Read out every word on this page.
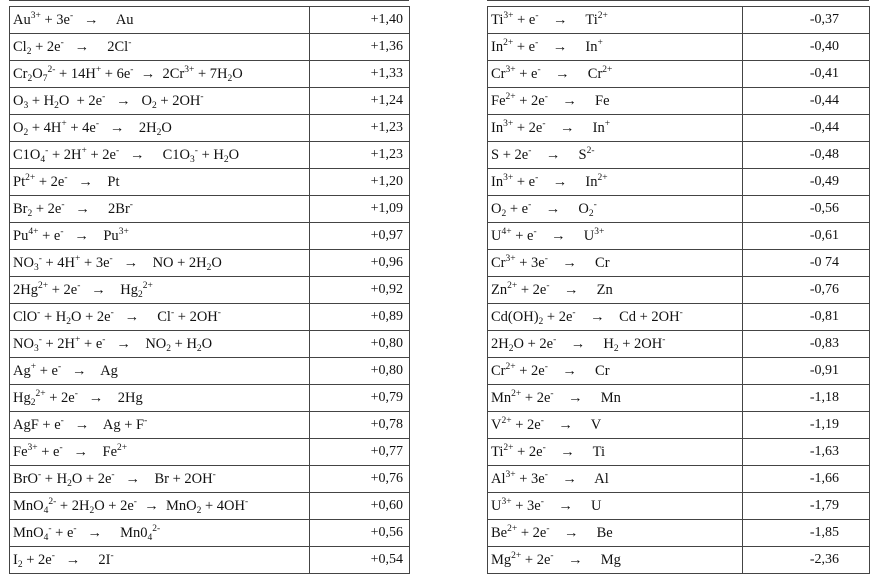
$Au^{3+} + 3e^-$   →     Au	+1,40
$Cl_2 + 2e^-$   →     2Cl-	+1,36
$Cr_2O_7^{2-} + 14H^+ + 6e^- \to 2Cr^{3+} + 7H_2O$	+1,33
$O_3 + H_2O + 2e^- \to O_2 + 2OH^-$	+1,24
$O_2 + 4H^+ + 4e^-$   →    $2H_2O$	+1,23
$C1O_4^- + 2H^+ + 2e^-$   →     $C1O_3^- + H_2O$	+1,23
$Pt^{2+} + 2e^-$   →    Pt	+1,20
$Br_2 + 2e^-$   →     2Br-	+1,09
$Pu^{4+} + e^-$   →    $Pu^{3+}$	+0,97
$NO_3^- + 4H^+ + 3e^-$   →    NO + $2H_2O$	+0,96
$2Hg^{2+} + 2e^-$   →    $Hg_2^{2+}$	+0,92
$ClO^- + H_2O + 2e^-$   →     Cl- + 2OH-	+0,89
$NO_3^- + 2H^+ + e^-$   →    $NO_2 + H_2O$	+0,80
Ag+ + e-   →    Ag	+0,80
$Hg_2^{2+} + 2e^-$   →    2Hg	+0,79
AgF + e-   →    Ag + F-	+0,78
$Fe^{3+} + e^-$   →    $Fe^{2+}$	+0,77
$BrO^- + H_2O + 2e^-$   →    Br + 2OH-	+0,76
$MnO_4^{2-} + 2H_2O + 2e^- \to MnO_2 + 4OH^-$	+0,60
MnO$_4$- + e-   →     $Mn0_4^{2-}$	+0,56
$I_2 + 2e^-$   →     2I-	+0,54
$Ti^{3+} + e^-$    →     $Ti^{2+}$	-0,37
$In^{2+} + e^-$    →     In+	-0,40
$Cr^{3+} + e^-$    →     $Cr^{2+}$	-0,41
$Fe^{2+} + 2e^-$    →     Fe	-0,44
$In^{3+} + 2e^-$    →     In+	-0,44
S + 2e-    →     $S^{2-}$	-0,48
$In^{3+} + e^-$    →     $In^{2+}$	-0,49
$O_2 + e^-$    →     $O_2^-$	-0,56
$U^{4+} + e^-$    →     $U^{3+}$	-0,61
$Cr^{3+} + 3e^-$    →     Cr	-0 74
$Zn^{2+} + 2e^-$    →     Zn	-0,76
$Cd(OH)_2 + 2e^-$    →    Cd + 2OH-	-0,81
$2H_2O + 2e^-$    →     $H_2 + 2OH^-$	-0,83
$Cr^{2+} + 2e^-$    →     Cr	-0,91
$Mn^{2+} + 2e^-$    →     Mn	-1,18
$V^{2+} + 2e^-$    →     V	-1,19
$Ti^{2+} + 2e^-$    →     Ti	-1,63
$Al^{3+} + 3e^-$    →     Al	-1,66
$U^{3+} + 3e^-$    →     U	-1,79
$Be^{2+} + 2e^-$    →     Be	-1,85
$Mg^{2+} + 2e^-$    →     Mg	-2,36
